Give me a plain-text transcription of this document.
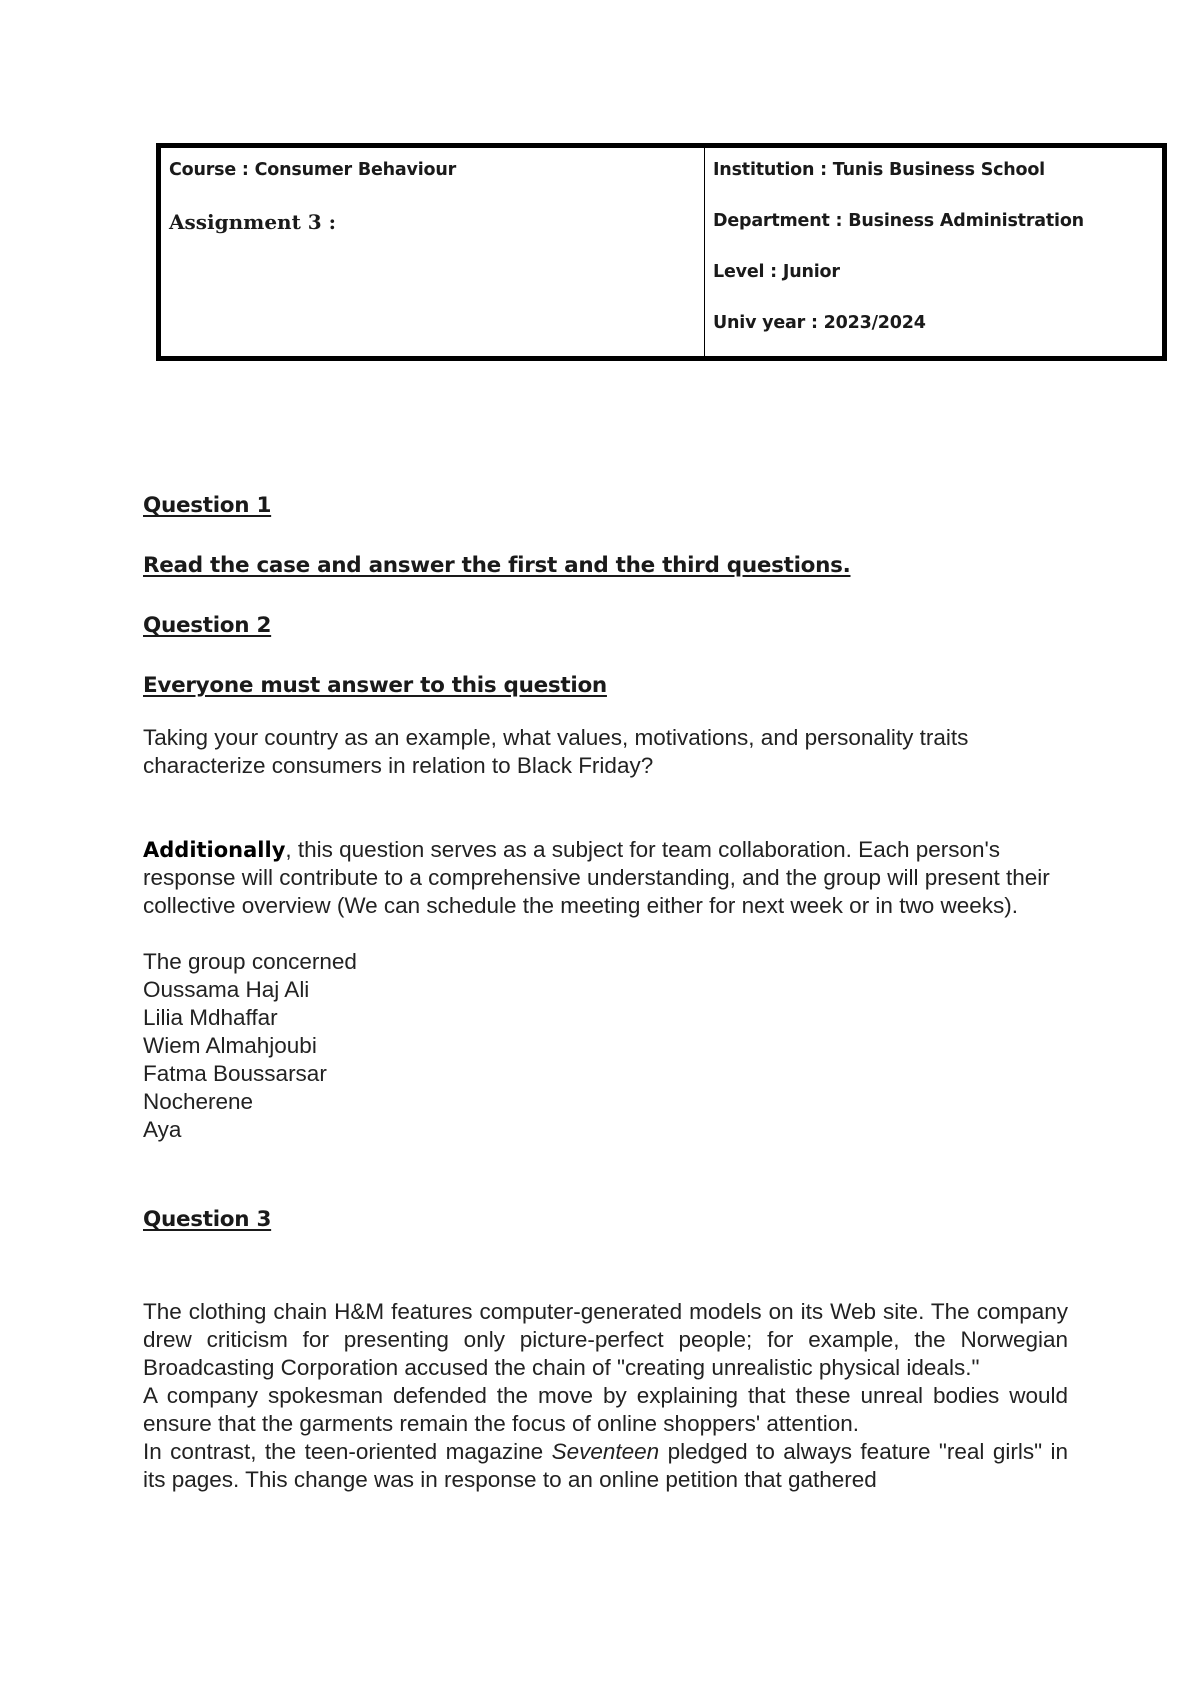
Course : Consumer Behaviour
Assignment 3 :
Institution : Tunis Business School
Department : Business Administration
Level : Junior
Univ year : 2023/2024
Question 1
Read the case and answer the first and the third questions.
Question 2
Everyone must answer to this question
Taking your country as an example, what values, motivations, and personality traits characterize consumers in relation to Black Friday?
Additionally, this question serves as a subject for team collaboration. Each person's response will contribute to a comprehensive understanding, and the group will present their collective overview (We can schedule the meeting either for next week or in two weeks).
The group concerned
Oussama Haj Ali
Lilia Mdhaffar
Wiem Almahjoubi
Fatma Boussarsar
Nocherene
Aya
Question 3
The clothing chain H&M features computer-generated models on its Web site. The company drew criticism for presenting only picture-perfect people; for example, the Norwegian Broadcasting Corporation accused the chain of "creating unrealistic physical ideals."
A company spokesman defended the move by explaining that these unreal bodies would ensure that the garments remain the focus of online shoppers' attention.
In contrast, the teen-oriented magazine Seventeen pledged to always feature "real girls" in its pages. This change was in response to an online petition that gathered
